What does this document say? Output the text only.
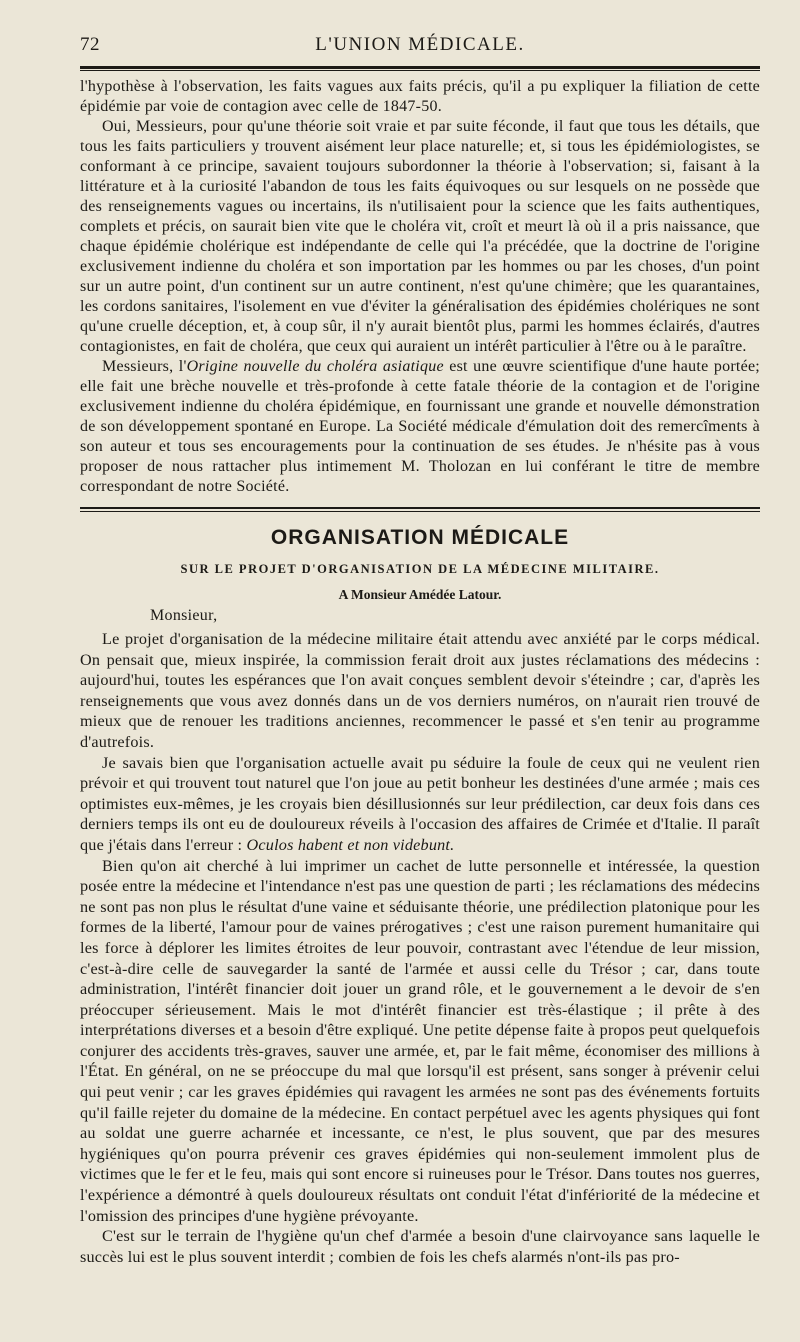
72	L'UNION MÉDICALE.

l'hypothèse à l'observation, les faits vagues aux faits précis, qu'il a pu expliquer la filiation de cette épidémie par voie de contagion avec celle de 1847-50.

Oui, Messieurs, pour qu'une théorie soit vraie et par suite féconde, il faut que tous les détails, que tous les faits particuliers y trouvent aisément leur place naturelle; et, si tous les épidémiologistes, se conformant à ce principe, savaient toujours subordonner la théorie à l'observation; si, faisant à la littérature et à la curiosité l'abandon de tous les faits équivoques ou sur lesquels on ne possède que des renseignements vagues ou incertains, ils n'utilisaient pour la science que les faits authentiques, complets et précis, on saurait bien vite que le choléra vit, croît et meurt là où il a pris naissance, que chaque épidémie cholérique est indépendante de celle qui l'a précédée, que la doctrine de l'origine exclusivement indienne du choléra et son importation par les hommes ou par les choses, d'un point sur un autre point, d'un continent sur un autre continent, n'est qu'une chimère; que les quarantaines, les cordons sanitaires, l'isolement en vue d'éviter la généralisation des épidémies cholériques ne sont qu'une cruelle déception, et, à coup sûr, il n'y aurait bientôt plus, parmi les hommes éclairés, d'autres contagionistes, en fait de choléra, que ceux qui auraient un intérêt particulier à l'être ou à le paraître.

Messieurs, l'Origine nouvelle du choléra asiatique est une œuvre scientifique d'une haute portée; elle fait une brèche nouvelle et très-profonde à cette fatale théorie de la contagion et de l'origine exclusivement indienne du choléra épidémique, en fournissant une grande et nouvelle démonstration de son développement spontané en Europe. La Société médicale d'émulation doit des remercîments à son auteur et tous ses encouragements pour la continuation de ses études. Je n'hésite pas à vous proposer de nous rattacher plus intimement M. Tholozan en lui conférant le titre de membre correspondant de notre Société.

ORGANISATION MÉDICALE
SUR LE PROJET D'ORGANISATION DE LA MÉDECINE MILITAIRE.
A Monsieur Amédée Latour.
Monsieur,

Le projet d'organisation de la médecine militaire était attendu avec anxiété par le corps médical. On pensait que, mieux inspirée, la commission ferait droit aux justes réclamations des médecins : aujourd'hui, toutes les espérances que l'on avait conçues semblent devoir s'éteindre ; car, d'après les renseignements que vous avez donnés dans un de vos derniers numéros, on n'aurait rien trouvé de mieux que de renouer les traditions anciennes, recommencer le passé et s'en tenir au programme d'autrefois.

Je savais bien que l'organisation actuelle avait pu séduire la foule de ceux qui ne veulent rien prévoir et qui trouvent tout naturel que l'on joue au petit bonheur les destinées d'une armée ; mais ces optimistes eux-mêmes, je les croyais bien désillusionnés sur leur prédilection, car deux fois dans ces derniers temps ils ont eu de douloureux réveils à l'occasion des affaires de Crimée et d'Italie. Il paraît que j'étais dans l'erreur : Oculos habent et non videbunt.

Bien qu'on ait cherché à lui imprimer un cachet de lutte personnelle et intéressée, la question posée entre la médecine et l'intendance n'est pas une question de parti ; les réclamations des médecins ne sont pas non plus le résultat d'une vaine et séduisante théorie, une prédilection platonique pour les formes de la liberté, l'amour pour de vaines prérogatives ; c'est une raison purement humanitaire qui les force à déplorer les limites étroites de leur pouvoir, contrastant avec l'étendue de leur mission, c'est-à-dire celle de sauvegarder la santé de l'armée et aussi celle du Trésor ; car, dans toute administration, l'intérêt financier doit jouer un grand rôle, et le gouvernement a le devoir de s'en préoccuper sérieusement. Mais le mot d'intérêt financier est très-élastique ; il prête à des interprétations diverses et a besoin d'être expliqué. Une petite dépense faite à propos peut quelquefois conjurer des accidents très-graves, sauver une armée, et, par le fait même, économiser des millions à l'État. En général, on ne se préoccupe du mal que lorsqu'il est présent, sans songer à prévenir celui qui peut venir ; car les graves épidémies qui ravagent les armées ne sont pas des événements fortuits qu'il faille rejeter du domaine de la médecine. En contact perpétuel avec les agents physiques qui font au soldat une guerre acharnée et incessante, ce n'est, le plus souvent, que par des mesures hygiéniques qu'on pourra prévenir ces graves épidémies qui non-seulement immolent plus de victimes que le fer et le feu, mais qui sont encore si ruineuses pour le Trésor. Dans toutes nos guerres, l'expérience a démontré à quels douloureux résultats ont conduit l'état d'infériorité de la médecine et l'omission des principes d'une hygiène prévoyante.

C'est sur le terrain de l'hygiène qu'un chef d'armée a besoin d'une clairvoyance sans laquelle le succès lui est le plus souvent interdit ; combien de fois les chefs alarmés n'ont-ils pas pro-
